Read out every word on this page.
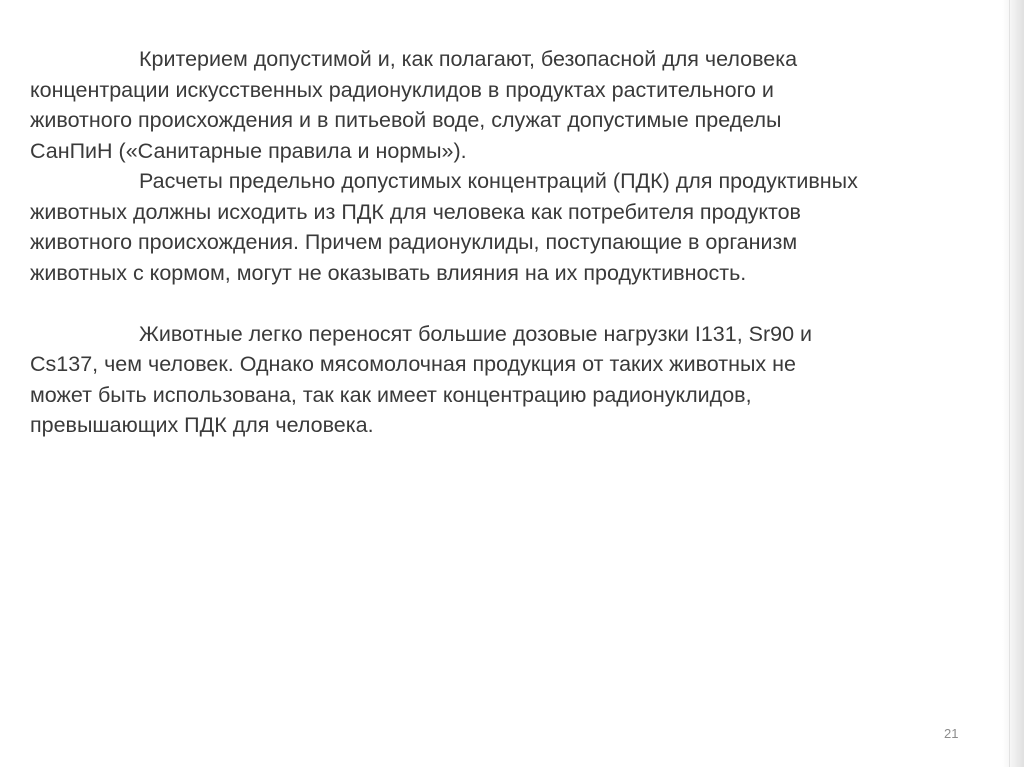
Критерием допустимой и, как полагают, безопасной для человека
концентрации искусственных радионуклидов в продуктах растительного и
животного происхождения и в питьевой воде, служат допустимые пределы
СанПиН («Санитарные правила и нормы»).
Расчеты предельно допустимых концентраций (ПДК) для продуктивных
животных должны исходить из ПДК для человека как потребителя продуктов
животного происхождения. Причем радионуклиды, поступающие в организм
животных с кормом, могут не оказывать влияния на их продуктивность.
Животные легко переносят большие дозовые нагрузки I131, Sr90 и
Cs137, чем человек. Однако мясомолочная продукция от таких животных не
может быть использована, так как имеет концентрацию радионуклидов,
превышающих ПДК для человека.
21
